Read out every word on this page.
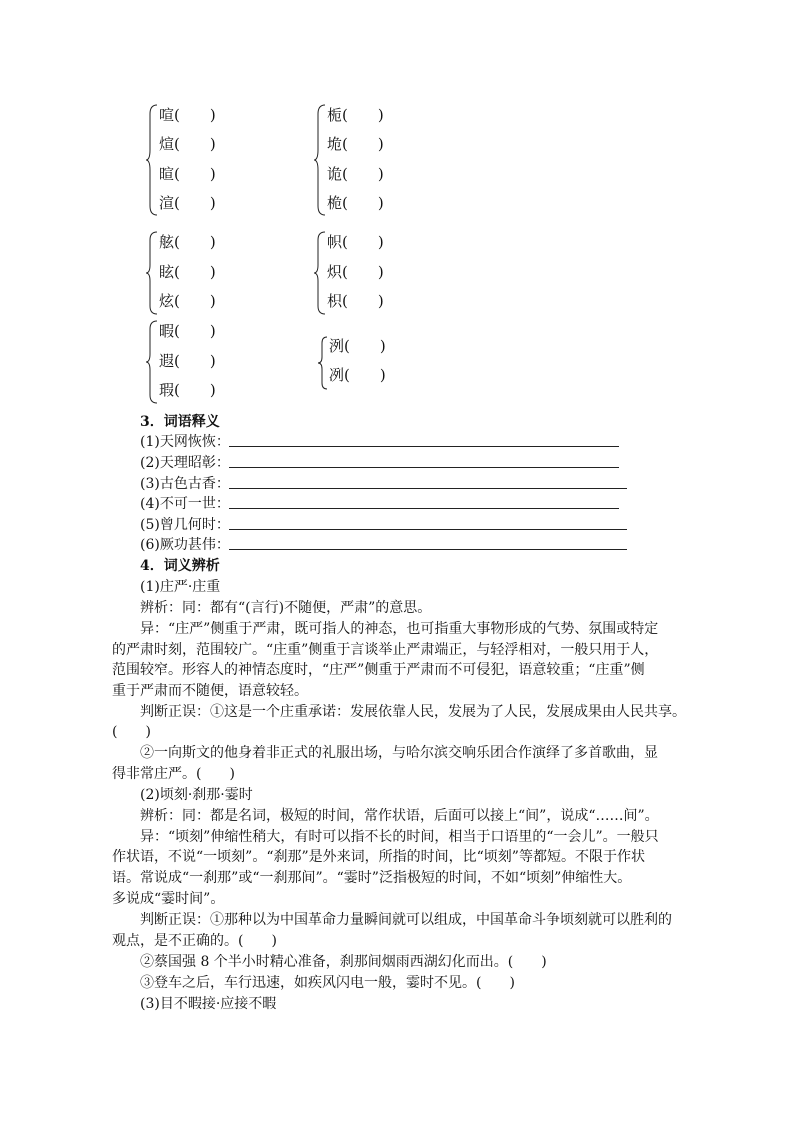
喧(　　)
煊(　　)
暄(　　)
渲(　　)
栀(　　)
垝(　　)
诡(　　)
桅(　　)
舷(　　)
眩(　　)
炫(　　)
帜(　　)
炽(　　)
枳(　　)
暇(　　)
遐(　　)
瑕(　　)
洌(　　)
冽(　　)
3．词语释义
(1)天网恢恢：
(2)天理昭彰：
(3)古色古香：
(4)不可一世：
(5)曾几何时：
(6)厥功甚伟：
4．词义辨析
(1)庄严·庄重
辨析：同：都有“(言行)不随便，严肃”的意思。
　　异：“庄严”侧重于严肃，既可指人的神态，也可指重大事物形成的气势、氛围或特定
的严肃时刻，范围较广。“庄重”侧重于言谈举止严肃端正，与轻浮相对，一般只用于人，
范围较窄。形容人的神情态度时，“庄严”侧重于严肃而不可侵犯，语意较重；“庄重”侧
重于严肃而不随便，语意较轻。
　　判断正误：①这是一个庄重承诺：发展依靠人民，发展为了人民，发展成果由人民共享。
(　　)
　　②一向斯文的他身着非正式的礼服出场，与哈尔滨交响乐团合作演绎了多首歌曲，显
得非常庄严。(　　)
(2)顷刻·刹那·霎时
辨析：同：都是名词，极短的时间，常作状语，后面可以接上“间”，说成“……间”。
　　异：“顷刻”伸缩性稍大，有时可以指不长的时间，相当于口语里的“一会儿”。一般只
作状语，不说“一顷刻”。“刹那”是外来词，所指的时间，比“顷刻”等都短。不限于作状
语。常说成“一刹那”或“一刹那间”。“霎时”泛指极短的时间，不如“顷刻”伸缩性大。
多说成“霎时间”。
　　判断正误：①那种以为中国革命力量瞬间就可以组成，中国革命斗争顷刻就可以胜利的
观点，是不正确的。(　　)
②蔡国强 8 个半小时精心准备，刹那间烟雨西湖幻化而出。(　　)
③登车之后，车行迅速，如疾风闪电一般，霎时不见。(　　)
(3)目不暇接·应接不暇
